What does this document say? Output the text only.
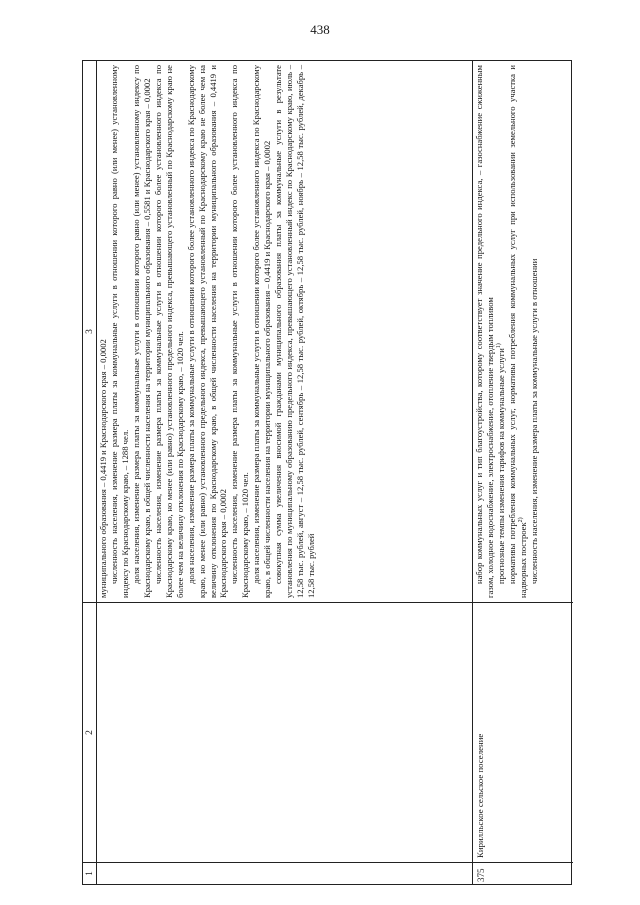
438
1
2
3

муниципального образования – 0,4419 и Краснодарского края – 0,0002 численность населения, изменение размера платы за коммунальные услуги в отношении которого равно (или менее) установленному индексу по Краснодарскому краю, – 1288 чел. доля населения, изменение размера платы за коммунальные услуги в отношении которого равно (или менее) установленному индексу по Краснодарскому краю, в общей численности населения на территории муниципального образования – 0,5581 и Краснодарского края – 0,0002 численность населения, изменение размера платы за коммунальные услуги в отношении которого более установленного индекса по Краснодарскому краю, но менее (или равно) установленного предельного индекса, превышающего установленный по Краснодарскому краю не более чем на величину отклонения по Краснодарскому краю, – 1020 чел. доля населения, изменение размера платы за коммунальные услуги в отношении которого более установленного индекса по Краснодарскому краю, но менее (или равно) установленного предельного индекса, превышающего установленный по Краснодарскому краю не более чем на величину отклонения по Краснодарскому краю, в общей численности населения на территории муниципального образования – 0,4419 и Краснодарского края – 0,0002 численность населения, изменение размера платы за коммунальные услуги в отношении которого более установленного индекса по Краснодарскому краю, – 1020 чел. доля населения, изменение размера платы за коммунальные услуги в отношении которого более установленного индекса по Краснодарскому краю, в общей численности населения на территории муниципального образования – 0,4419 и Краснодарского края – 0,0002 совокупная сумма увеличения вносимой гражданами муниципального образования платы за коммунальные услуги в результате установления по муниципальному образованию предельного индекса, превышающего установленный индекс по Краснодарскому краю, июль – 12,58 тыс. рублей, август – 12,58 тыс. рублей, сентябрь – 12,58 тыс. рублей, октябрь – 12,58 тыс. рублей, ноябрь – 12,58 тыс. рублей, декабрь – 12,58 тыс. рублей

375
Кирилльское сельское поселение

набор коммунальных услуг и тип благоустройства, которому соответствует значение предельного индекса, – газоснабжение сжиженным газом, холодное водоснабжение, электроснабжение, отопление твердым топливом прогнозные темпы изменения тарифов на коммунальные услуги$^{1)}$ нормативы потребления коммунальных услуг, нормативы потребления коммунальных услуг при использовании земельного участка и надворных построек$^{2)}$ численность населения, изменение размера платы за коммунальные услуги в отношении
